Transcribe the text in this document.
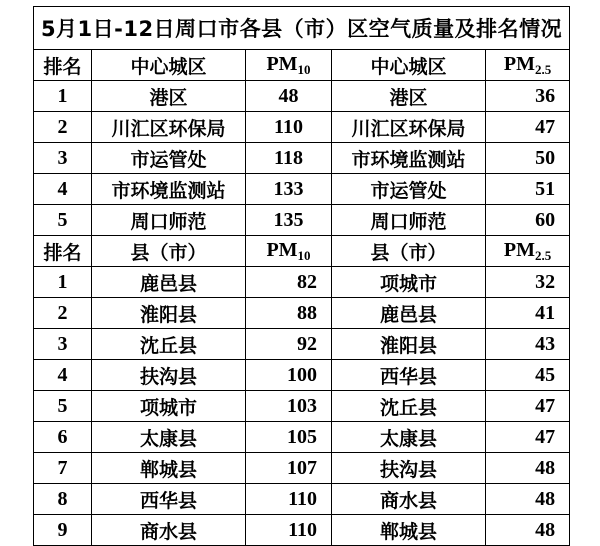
5月1日-12日周口市各县（市）区空气质量及排名情况				
排名	中心城区	$PM_{10}$	中心城区	$PM_{2.5}$
1	港区	48	港区	36
2	川汇区环保局	110	川汇区环保局	47
3	市运管处	118	市环境监测站	50
4	市环境监测站	133	市运管处	51
5	周口师范	135	周口师范	60
排名	县（市）	$PM_{10}$	县（市）	$PM_{2.5}$
1	鹿邑县	82	项城市	32
2	淮阳县	88	鹿邑县	41
3	沈丘县	92	淮阳县	43
4	扶沟县	100	西华县	45
5	项城市	103	沈丘县	47
6	太康县	105	太康县	47
7	郸城县	107	扶沟县	48
8	西华县	110	商水县	48
9	商水县	110	郸城县	48
